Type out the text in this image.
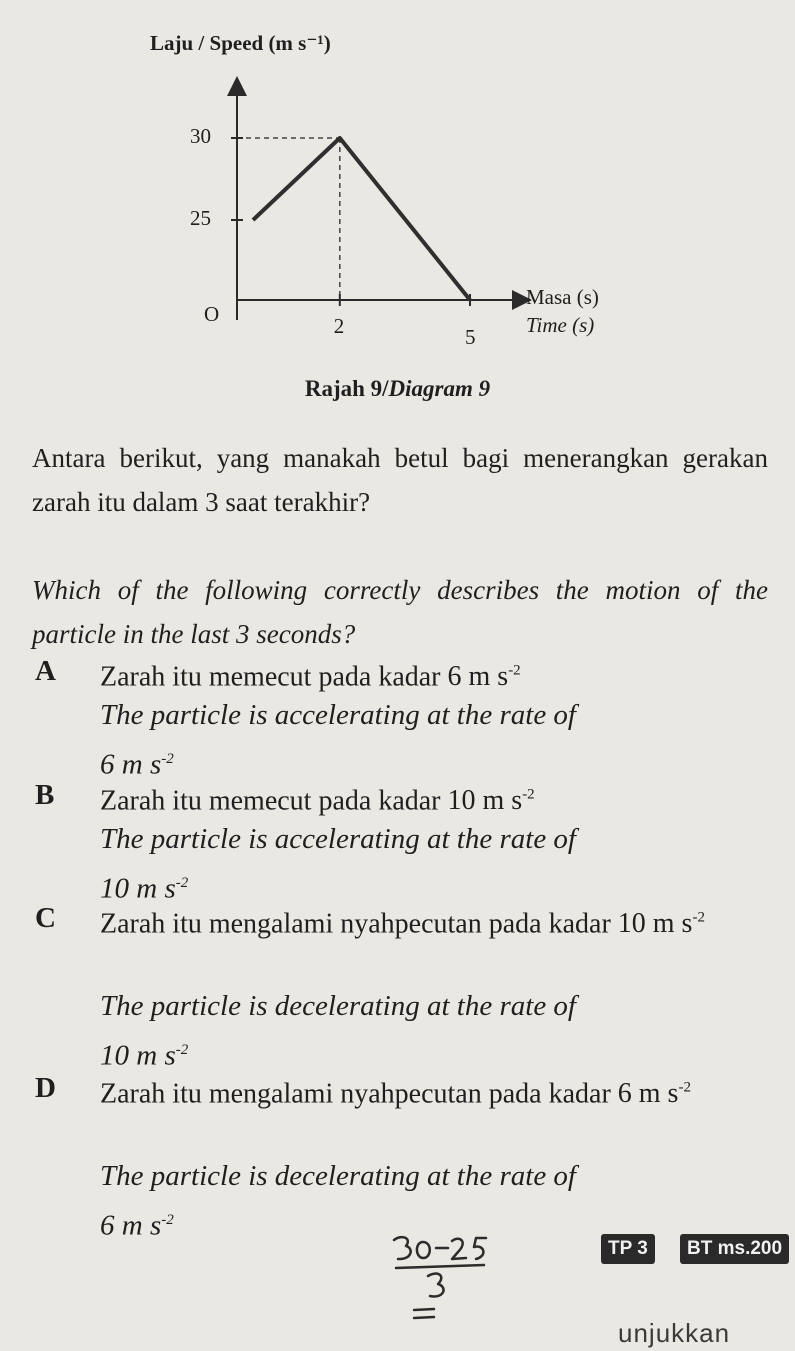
Laju / Speed (m s⁻¹)
30
25
O	2	5
Masa (s)
Time (s)
Rajah 9/Diagram 9
Antara berikut, yang manakah betul bagi menerangkan gerakan zarah itu dalam 3 saat terakhir?
Which of the following correctly describes the motion of the particle in the last 3 seconds?
A Zarah itu memecut pada kadar 6 m $s^{-2}$
The particle is accelerating at the rate of
6 m $s^{-2}$
B Zarah itu memecut pada kadar 10 m $s^{-2}$
The particle is accelerating at the rate of
10 m $s^{-2}$
C Zarah itu mengalami nyahpecutan pada kadar 10 m $s^{-2}$
The particle is decelerating at the rate of
10 m $s^{-2}$
D Zarah itu mengalami nyahpecutan pada kadar 6 m $s^{-2}$
The particle is decelerating at the rate of
6 m $s^{-2}$
TP 3	BT ms.200
unjukkan
